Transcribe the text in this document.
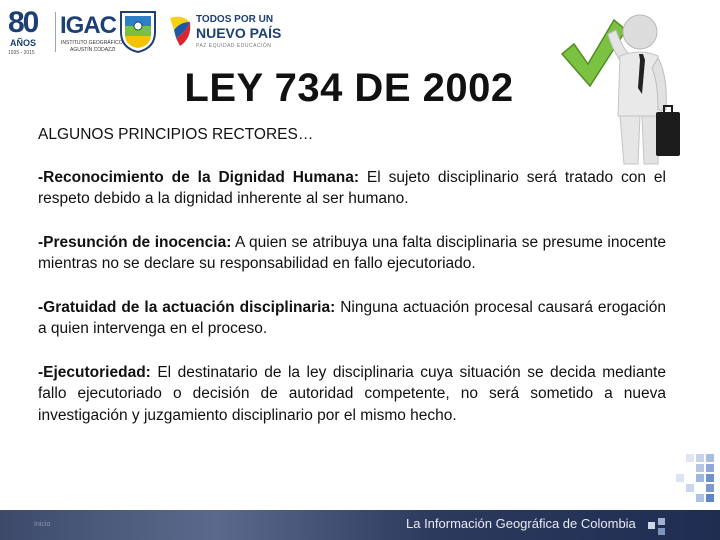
80
AÑOS
1935 - 2015
IGAC
INSTITUTO GEOGRÁFICO
AGUSTÍN CODAZZI
TODOS POR UN
NUEVO PAÍS
PAZ EQUIDAD EDUCACIÓN
LEY 734 DE 2002

ALGUNOS PRINCIPIOS RECTORES…

-Reconocimiento de la Dignidad Humana: El sujeto disciplinario será tratado con el respeto debido a la dignidad inherente al ser humano.

-Presunción de inocencia: A quien se atribuya una falta disciplinaria se presume inocente mientras no se declare su responsabilidad en fallo ejecutoriado.

-Gratuidad de la actuación disciplinaria: Ninguna actuación procesal causará erogación a quien intervenga en el proceso.

-Ejecutoriedad: El destinatario de la ley disciplinaria cuya situación se decida mediante fallo ejecutoriado o decisión de autoridad competente, no será sometido a nueva investigación y juzgamiento disciplinario por el mismo hecho.

Inicio	La Información Geográfica de Colombia
